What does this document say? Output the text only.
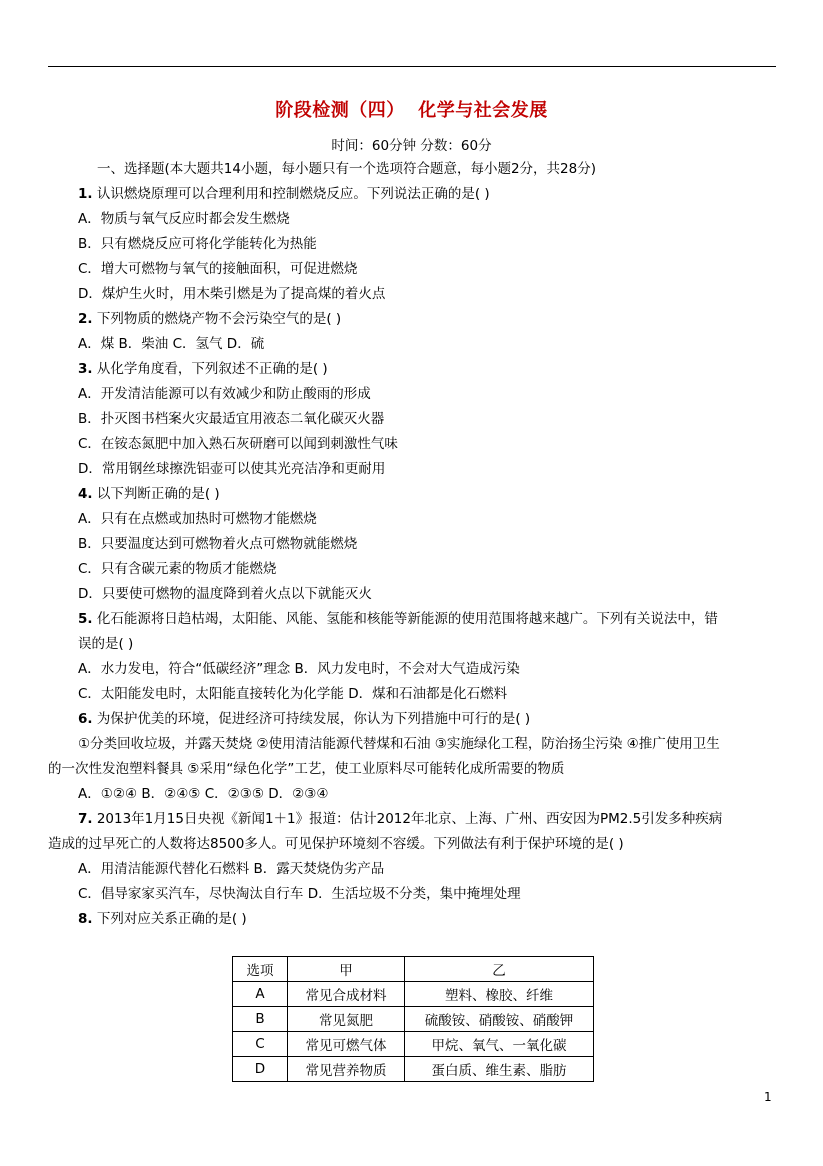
阶段检测（四）  化学与社会发展
时间：60分钟 分数：60分
一、选择题(本大题共14小题，每小题只有一个选项符合题意，每小题2分，共28分)
1. 认识燃烧原理可以合理利用和控制燃烧反应。下列说法正确的是( )
A．物质与氧气反应时都会发生燃烧
B．只有燃烧反应可将化学能转化为热能
C．增大可燃物与氧气的接触面积，可促进燃烧
D．煤炉生火时，用木柴引燃是为了提高煤的着火点
2. 下列物质的燃烧产物不会污染空气的是( )
A．煤 B．柴油 C．氢气 D．硫
3. 从化学角度看，下列叙述不正确的是( )
A．开发清洁能源可以有效减少和防止酸雨的形成
B．扑灭图书档案火灾最适宜用液态二氧化碳灭火器
C．在铵态氮肥中加入熟石灰研磨可以闻到刺激性气味
D．常用钢丝球擦洗铝壶可以使其光亮洁净和更耐用
4. 以下判断正确的是( )
A．只有在点燃或加热时可燃物才能燃烧
B．只要温度达到可燃物着火点可燃物就能燃烧
C．只有含碳元素的物质才能燃烧
D．只要使可燃物的温度降到着火点以下就能灭火
5. 化石能源将日趋枯竭，太阳能、风能、氢能和核能等新能源的使用范围将越来越广。下列有关说法中，错
误的是( )
A．水力发电，符合“低碳经济”理念 B．风力发电时，不会对大气造成污染
C．太阳能发电时，太阳能直接转化为化学能 D．煤和石油都是化石燃料
6. 为保护优美的环境，促进经济可持续发展，你认为下列措施中可行的是( )
①分类回收垃圾，并露天焚烧 ②使用清洁能源代替煤和石油 ③实施绿化工程，防治扬尘污染 ④推广使用卫生
的一次性发泡塑料餐具 ⑤采用“绿色化学”工艺，使工业原料尽可能转化成所需要的物质
A．①②④ B．②④⑤ C．②③⑤ D．②③④
7. 2013年1月15日央视《新闻1＋1》报道：估计2012年北京、上海、广州、西安因为PM2.5引发多种疾病
造成的过早死亡的人数将达8500多人。可见保护环境刻不容缓。下列做法有利于保护环境的是( )
A．用清洁能源代替化石燃料 B．露天焚烧伪劣产品
C．倡导家家买汽车，尽快淘汰自行车 D．生活垃圾不分类，集中掩埋处理
8. 下列对应关系正确的是( )
选项	甲	乙
A	常见合成材料	塑料、橡胶、纤维
B	常见氮肥	硫酸铵、硝酸铵、硝酸钾
C	常见可燃气体	甲烷、氧气、一氧化碳
D	常见营养物质	蛋白质、维生素、脂肪
1
